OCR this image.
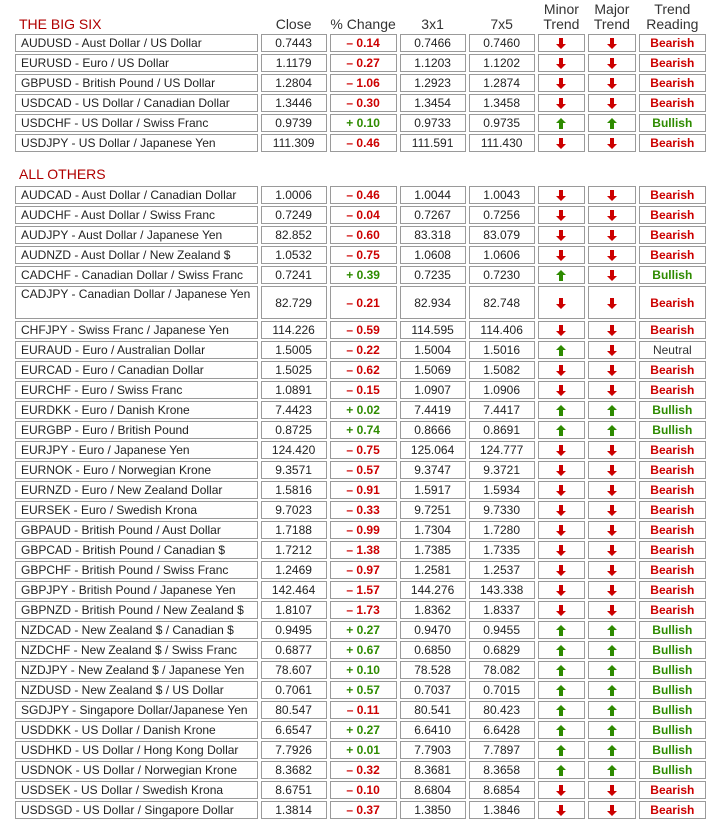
THE BIG SIX	Close	% Change	3x1	7x5	Minor Trend	Major Trend	Trend Reading
AUDUSD - Aust Dollar / US Dollar	0.7443	– 0.14	0.7466	0.7460			Bearish
EURUSD - Euro / US Dollar	1.1179	– 0.27	1.1203	1.1202			Bearish
GBPUSD - British Pound / US Dollar	1.2804	– 1.06	1.2923	1.2874			Bearish
USDCAD - US Dollar / Canadian Dollar	1.3446	– 0.30	1.3454	1.3458			Bearish
USDCHF - US Dollar / Swiss Franc	0.9739	+ 0.10	0.9733	0.9735			Bullish
USDJPY - US Dollar / Japanese Yen	111.309	– 0.46	111.591	111.430			Bearish

ALL OTHERS							
AUDCAD - Aust Dollar / Canadian Dollar	1.0006	– 0.46	1.0044	1.0043			Bearish
AUDCHF - Aust Dollar / Swiss Franc	0.7249	– 0.04	0.7267	0.7256			Bearish
AUDJPY - Aust Dollar / Japanese Yen	82.852	– 0.60	83.318	83.079			Bearish
AUDNZD - Aust Dollar / New Zealand $	1.0532	– 0.75	1.0608	1.0606			Bearish
CADCHF - Canadian Dollar / Swiss Franc	0.7241	+ 0.39	0.7235	0.7230			Bullish
CADJPY - Canadian Dollar / Japanese Yen	82.729	– 0.21	82.934	82.748			Bearish
CHFJPY - Swiss Franc / Japanese Yen	114.226	– 0.59	114.595	114.406			Bearish
EURAUD - Euro / Australian Dollar	1.5005	– 0.22	1.5004	1.5016			Neutral
EURCAD - Euro / Canadian Dollar	1.5025	– 0.62	1.5069	1.5082			Bearish
EURCHF - Euro / Swiss Franc	1.0891	– 0.15	1.0907	1.0906			Bearish
EURDKK - Euro / Danish Krone	7.4423	+ 0.02	7.4419	7.4417			Bullish
EURGBP - Euro / British Pound	0.8725	+ 0.74	0.8666	0.8691			Bullish
EURJPY - Euro / Japanese Yen	124.420	– 0.75	125.064	124.777			Bearish
EURNOK - Euro / Norwegian Krone	9.3571	– 0.57	9.3747	9.3721			Bearish
EURNZD - Euro / New Zealand Dollar	1.5816	– 0.91	1.5917	1.5934			Bearish
EURSEK - Euro / Swedish Krona	9.7023	– 0.33	9.7251	9.7330			Bearish
GBPAUD - British Pound / Aust Dollar	1.7188	– 0.99	1.7304	1.7280			Bearish
GBPCAD - British Pound / Canadian $	1.7212	– 1.38	1.7385	1.7335			Bearish
GBPCHF - British Pound / Swiss Franc	1.2469	– 0.97	1.2581	1.2537			Bearish
GBPJPY - British Pound / Japanese Yen	142.464	– 1.57	144.276	143.338			Bearish
GBPNZD - British Pound / New Zealand $	1.8107	– 1.73	1.8362	1.8337			Bearish
NZDCAD - New Zealand $ / Canadian $	0.9495	+ 0.27	0.9470	0.9455			Bullish
NZDCHF - New Zealand $ / Swiss Franc	0.6877	+ 0.67	0.6850	0.6829			Bullish
NZDJPY - New Zealand $ / Japanese Yen	78.607	+ 0.10	78.528	78.082			Bullish
NZDUSD - New Zealand $ / US Dollar	0.7061	+ 0.57	0.7037	0.7015			Bullish
SGDJPY - Singapore Dollar/Japanese Yen	80.547	– 0.11	80.541	80.423			Bullish
USDDKK - US Dollar / Danish Krone	6.6547	+ 0.27	6.6410	6.6428			Bullish
USDHKD - US Dollar / Hong Kong Dollar	7.7926	+ 0.01	7.7903	7.7897			Bullish
USDNOK - US Dollar / Norwegian Krone	8.3682	– 0.32	8.3681	8.3658			Bullish
USDSEK - US Dollar / Swedish Krona	8.6751	– 0.10	8.6804	8.6854			Bearish
USDSGD - US Dollar / Singapore Dollar	1.3814	– 0.37	1.3850	1.3846			Bearish
